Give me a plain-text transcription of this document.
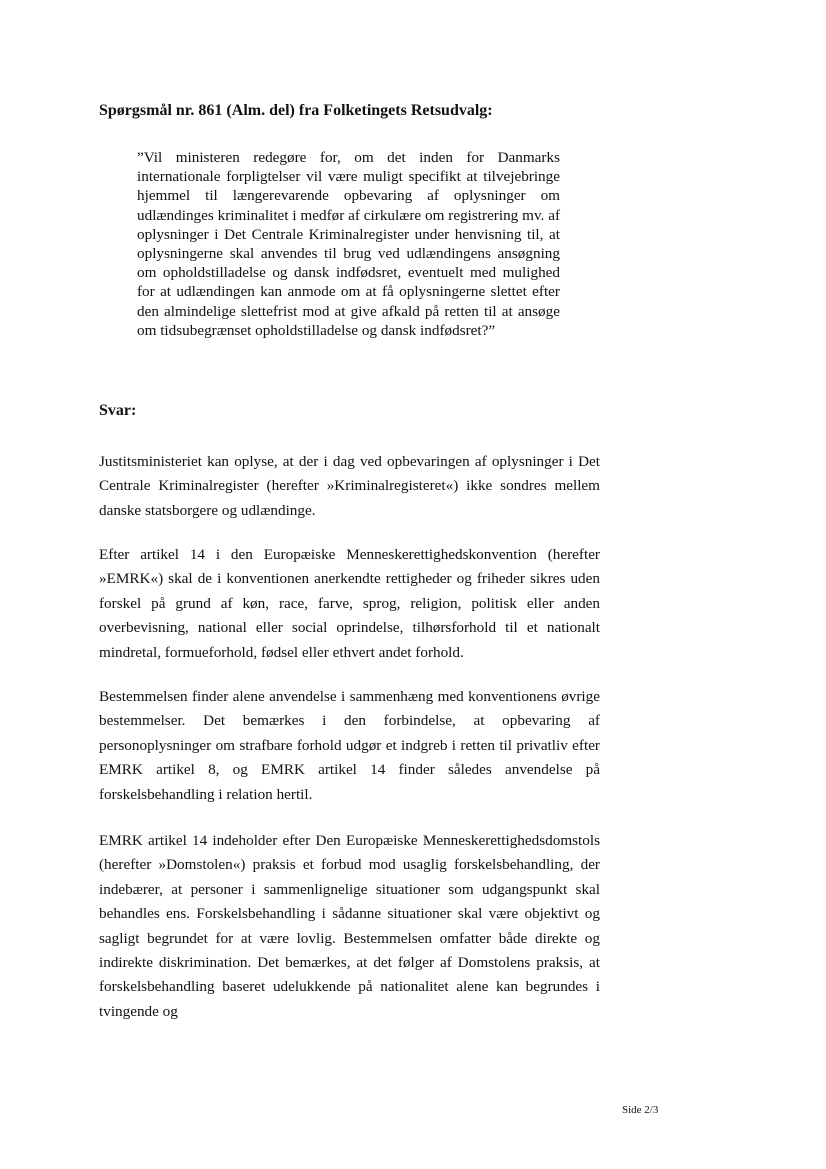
Spørgsmål nr. 861 (Alm. del) fra Folketingets Retsudvalg:

”Vil ministeren redegøre for, om det inden for Danmarks internationale forpligtelser vil være muligt specifikt at tilvejebringe hjemmel til længerevarende opbevaring af oplysninger om udlændinges kriminalitet i medfør af cirkulære om registrering mv. af oplysninger i Det Centrale Kriminalregister under henvisning til, at oplysningerne skal anvendes til brug ved udlændingens ansøgning om opholdstilladelse og dansk indfødsret, eventuelt med mulighed for at udlændingen kan anmode om at få oplysningerne slettet efter den almindelige slettefrist mod at give afkald på retten til at ansøge om tidsubegrænset opholdstilladelse og dansk indfødsret?”

Svar:

Justitsministeriet kan oplyse, at der i dag ved opbevaringen af oplysninger i Det Centrale Kriminalregister (herefter »Kriminalregisteret«) ikke sondres mellem danske statsborgere og udlændinge.

Efter artikel 14 i den Europæiske Menneskerettighedskonvention (herefter »EMRK«) skal de i konventionen anerkendte rettigheder og friheder sikres uden forskel på grund af køn, race, farve, sprog, religion, politisk eller anden overbevisning, national eller social oprindelse, tilhørsforhold til et nationalt mindretal, formueforhold, fødsel eller ethvert andet forhold.

Bestemmelsen finder alene anvendelse i sammenhæng med konventionens øvrige bestemmelser. Det bemærkes i den forbindelse, at opbevaring af personoplysninger om strafbare forhold udgør et indgreb i retten til privatliv efter EMRK artikel 8, og EMRK artikel 14 finder således anvendelse på forskelsbehandling i relation hertil.

EMRK artikel 14 indeholder efter Den Europæiske Menneskerettighedsdomstols (herefter »Domstolen«) praksis et forbud mod usaglig forskelsbehandling, der indebærer, at personer i sammenlignelige situationer som udgangspunkt skal behandles ens. Forskelsbehandling i sådanne situationer skal være objektivt og sagligt begrundet for at være lovlig. Bestemmelsen omfatter både direkte og indirekte diskrimination. Det bemærkes, at det følger af Domstolens praksis, at forskelsbehandling baseret udelukkende på nationalitet alene kan begrundes i tvingende og

Side 2/3
